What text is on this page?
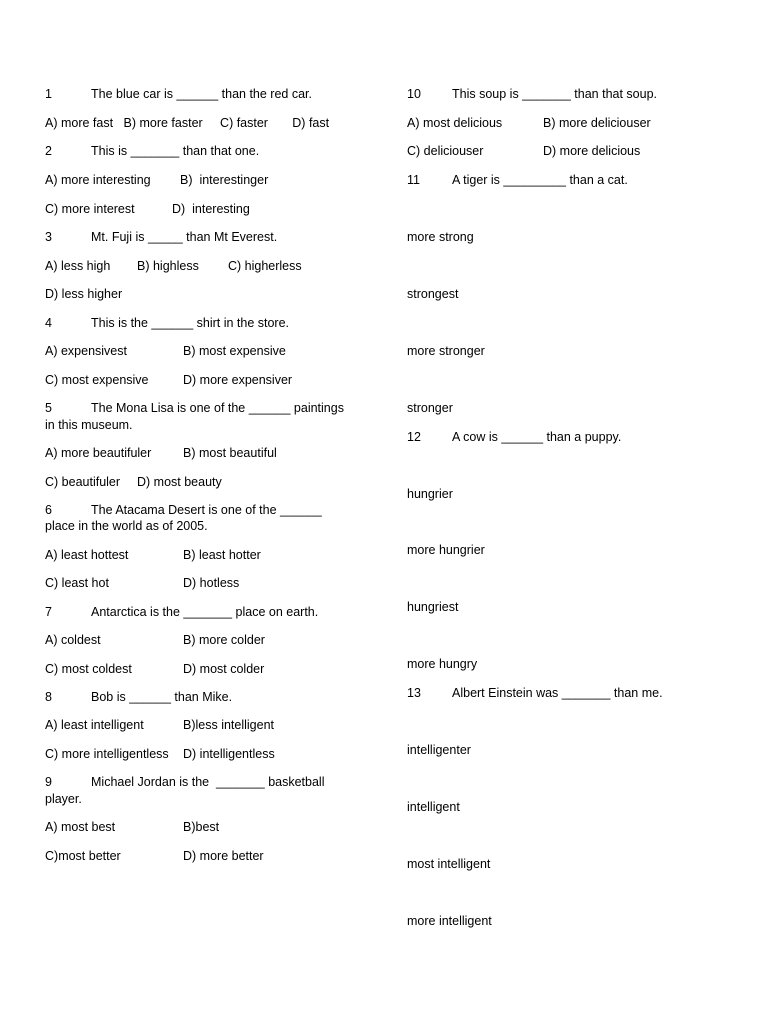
1	The blue car is ______ than the red car.
A) more fast   B) more faster     C) faster       D) fast
2	This is _______ than that one.
A) more interesting B)  interestinger
C) more interest	D)  interesting
3	Mt. Fuji is _____ than Mt Everest.
A) less high B) highless C) higherless
D) less higher
4	This is the ______ shirt in the store.
A) expensivest	B) most expensive
C) most expensive	D) more expensiver
5	The Mona Lisa is one of the ______ paintings
in this museum.
A) more beautifuler	B) most beautiful
C) beautifuler D) most beauty
6	The Atacama Desert is one of the ______
place in the world as of 2005.
A) least hottest	B) least hotter
C) least hot	D) hotless
7	Antarctica is the _______ place on earth.
A) coldest	B) more colder
C) most coldest	D) most colder
8	Bob is ______ than Mike.
A) least intelligent	B)less intelligent
C) more intelligentless D) intelligentless
9	Michael Jordan is the  _______ basketball
player.
A) most best	B)best
C)most better	D) more better
10 This soup is _______ than that soup.
A) most delicious	B) more deliciouser
C) deliciouser	D) more delicious
11	A tiger is _________ than a cat.
more strong
strongest
more stronger
stronger
12 A cow is ______ than a puppy.
hungrier
more hungrier
hungriest
more hungry
13 Albert Einstein was _______ than me.
intelligenter
intelligent
most intelligent
more intelligent
